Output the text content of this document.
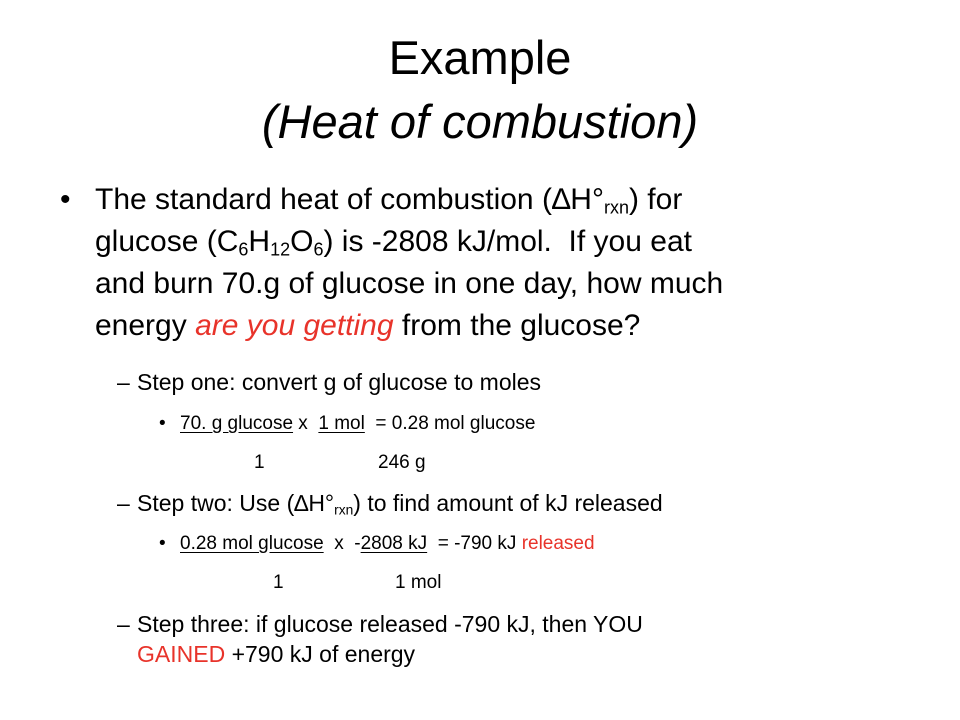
Example
(Heat of combustion)
• The standard heat of combustion $(\Delta H^\circ_{rxn})$ for
glucose $(C_6H_{12}O_6)$ is -2808 kJ/mol.  If you eat
and burn 70.g of glucose in one day, how much
energy are you getting from the glucose?
– Step one: convert g of glucose to moles
• 70. g glucose x  1 mol  = 0.28 mol glucose
1	246 g
– Step two: Use $(\Delta H^\circ_{rxn})$ to find amount of kJ released
• 0.28 mol glucose  x  -2808 kJ  = -790 kJ released
1	1 mol
– Step three: if glucose released -790 kJ, then YOU
GAINED +790 kJ of energy
